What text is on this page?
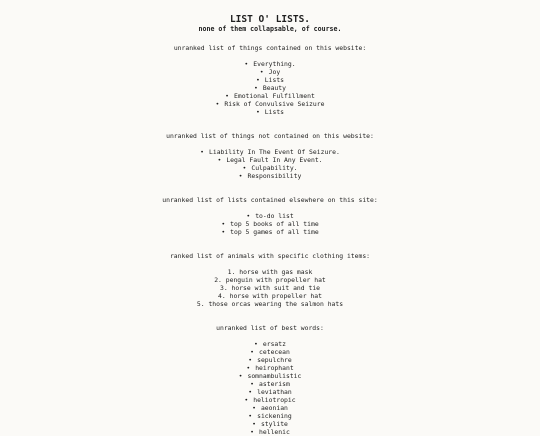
LIST O' LISTS.

none of them collapsable, of course.

unranked list of things contained on this website:

• Everything.
• Joy
• Lists
• Beauty
• Emotional Fulfillment
• Risk of Convulsive Seizure
• Lists

unranked list of things not contained on this website:

• Liability In The Event Of Seizure.
• Legal Fault In Any Event.
• Culpability.
• Responsibility

unranked list of lists contained elsewhere on this site:

• to-do list
• top 5 books of all time
• top 5 games of all time

ranked list of animals with specific clothing items:

1. horse with gas mask
2. penguin with propeller hat
3. horse with suit and tie
4. horse with propeller hat
5. those orcas wearing the salmon hats

unranked list of best words:

• ersatz
• cetecean
• sepulchre
• heirophant
• somnambulistic
• asterism
• leviathan
• heliotropic
• aeonian
• sickening
• stylite
• hellenic
